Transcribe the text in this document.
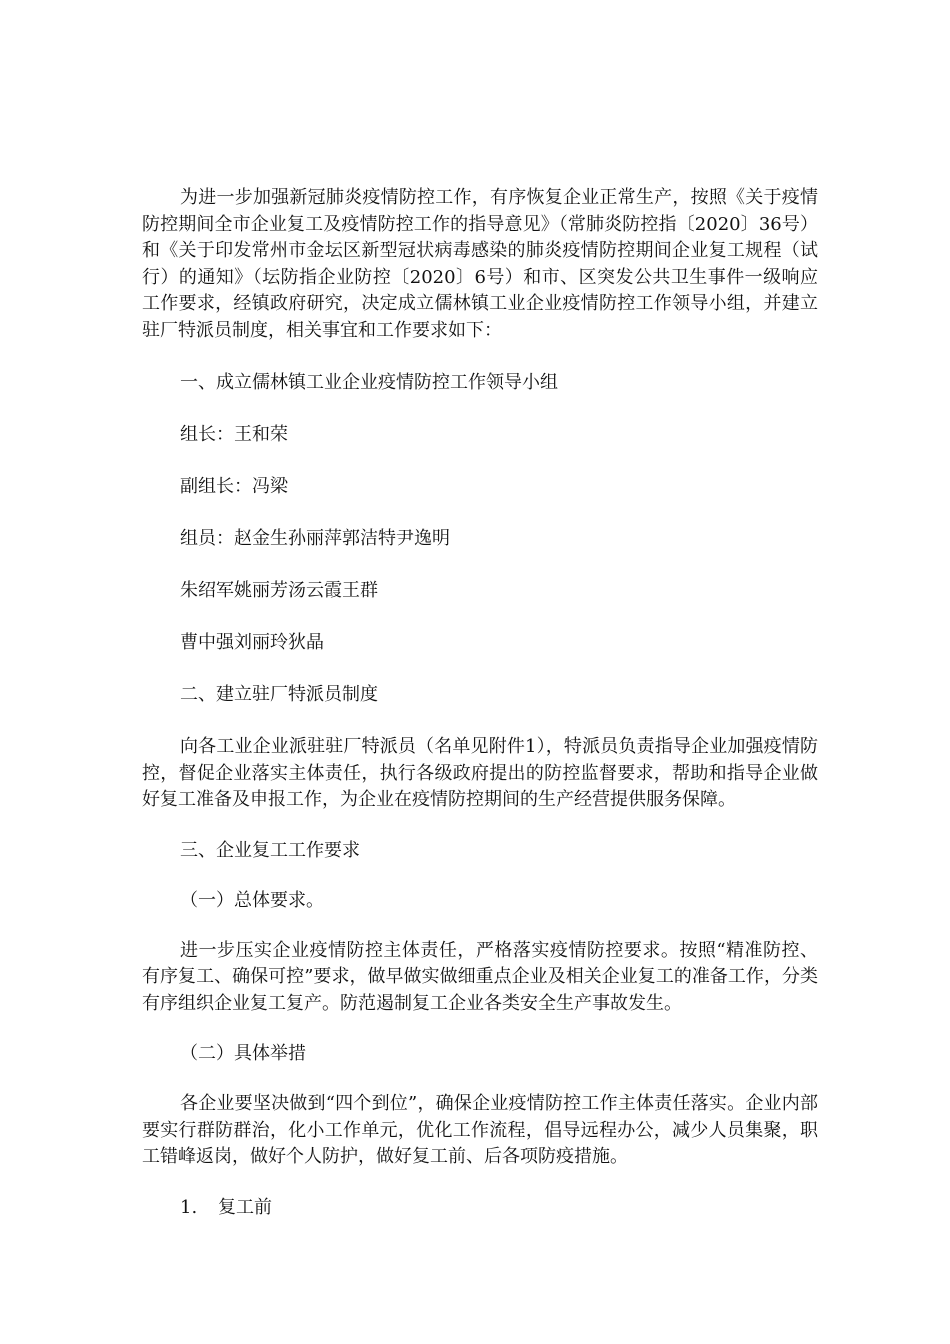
为进一步加强新冠肺炎疫情防控工作，有序恢复企业正常生产，按照《关于疫情防控期间全市企业复工及疫情防控工作的指导意见》（常肺炎防控指〔2020〕36号）和《关于印发常州市金坛区新型冠状病毒感染的肺炎疫情防控期间企业复工规程（试行）的通知》（坛防指企业防控〔2020〕6号）和市、区突发公共卫生事件一级响应工作要求，经镇政府研究，决定成立儒林镇工业企业疫情防控工作领导小组，并建立驻厂特派员制度，相关事宜和工作要求如下：

一、成立儒林镇工业企业疫情防控工作领导小组

组长：王和荣

副组长：冯梁

组员：赵金生孙丽萍郭洁特尹逸明

朱绍军姚丽芳汤云霞王群

曹中强刘丽玲狄晶

二、建立驻厂特派员制度

向各工业企业派驻驻厂特派员（名单见附件1），特派员负责指导企业加强疫情防控，督促企业落实主体责任，执行各级政府提出的防控监督要求，帮助和指导企业做好复工准备及申报工作，为企业在疫情防控期间的生产经营提供服务保障。

三、企业复工工作要求

（一）总体要求。

进一步压实企业疫情防控主体责任，严格落实疫情防控要求。按照“精准防控、有序复工、确保可控”要求，做早做实做细重点企业及相关企业复工的准备工作，分类有序组织企业复工复产。防范遏制复工企业各类安全生产事故发生。

（二）具体举措

各企业要坚决做到“四个到位”，确保企业疫情防控工作主体责任落实。企业内部要实行群防群治，化小工作单元，优化工作流程，倡导远程办公，减少人员集聚，职工错峰返岗，做好个人防护，做好复工前、后各项防疫措施。

1. 复工前
